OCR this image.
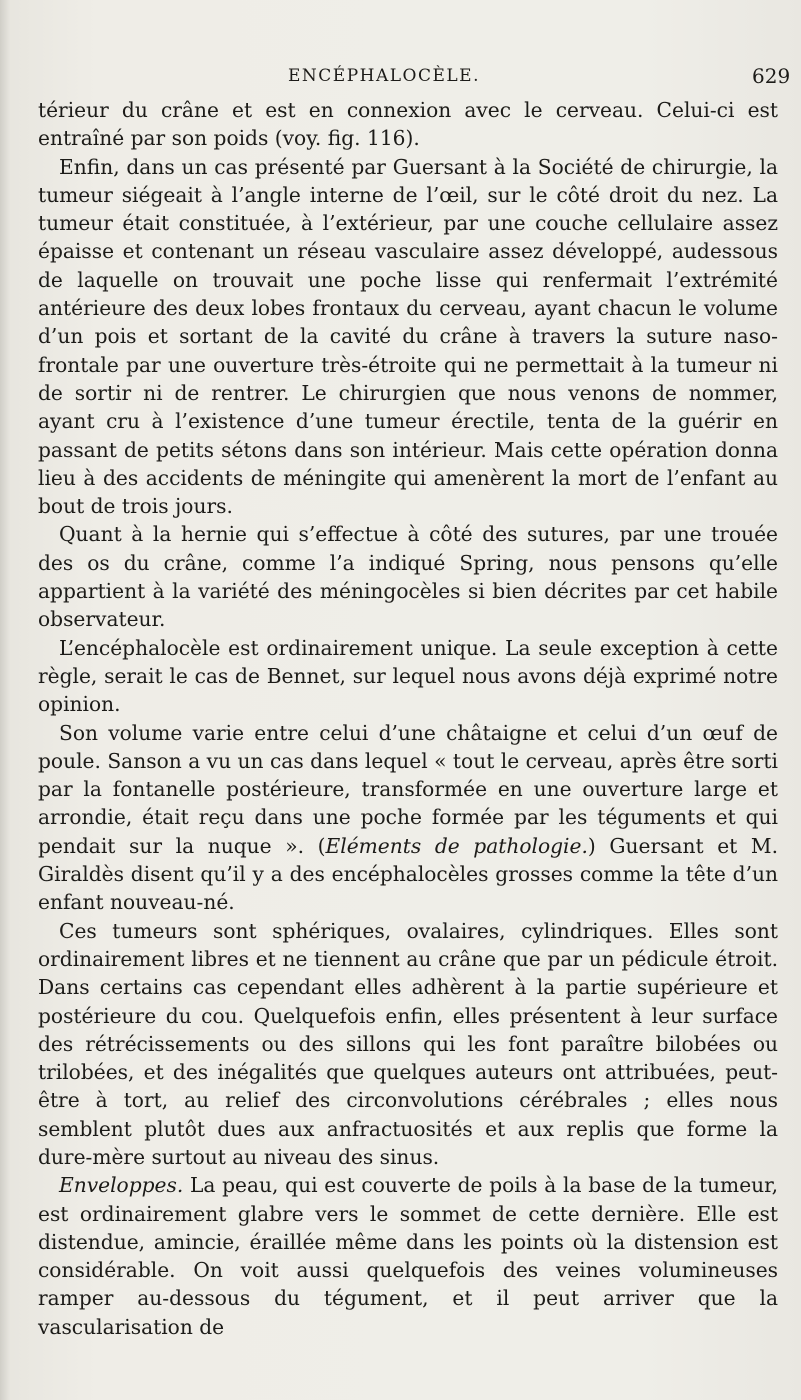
ENCÉPHALOCÈLE.	629

térieur du crâne et est en connexion avec le cerveau. Celui-ci est entraîné par son poids (voy. fig. 116).

Enfin, dans un cas présenté par Guersant à la Société de chirurgie, la tumeur siégeait à l’angle interne de l’œil, sur le côté droit du nez. La tumeur était constituée, à l’extérieur, par une couche cellulaire assez épaisse et contenant un réseau vasculaire assez développé, audessous de laquelle on trouvait une poche lisse qui renfermait l’extrémité antérieure des deux lobes frontaux du cerveau, ayant chacun le volume d’un pois et sortant de la cavité du crâne à travers la suture naso-frontale par une ouverture très-étroite qui ne permettait à la tumeur ni de sortir ni de rentrer. Le chirurgien que nous venons de nommer, ayant cru à l’existence d’une tumeur érectile, tenta de la guérir en passant de petits sétons dans son intérieur. Mais cette opération donna lieu à des accidents de méningite qui amenèrent la mort de l’enfant au bout de trois jours.

Quant à la hernie qui s’effectue à côté des sutures, par une trouée des os du crâne, comme l’a indiqué Spring, nous pensons qu’elle appartient à la variété des méningocèles si bien décrites par cet habile observateur.

L’encéphalocèle est ordinairement unique. La seule exception à cette règle, serait le cas de Bennet, sur lequel nous avons déjà exprimé notre opinion.

Son volume varie entre celui d’une châtaigne et celui d’un œuf de poule. Sanson a vu un cas dans lequel « tout le cerveau, après être sorti par la fontanelle postérieure, transformée en une ouverture large et arrondie, était reçu dans une poche formée par les téguments et qui pendait sur la nuque ». (Eléments de pathologie.) Guersant et M. Giraldès disent qu’il y a des encéphalocèles grosses comme la tête d’un enfant nouveau-né.

Ces tumeurs sont sphériques, ovalaires, cylindriques. Elles sont ordinairement libres et ne tiennent au crâne que par un pédicule étroit. Dans certains cas cependant elles adhèrent à la partie supérieure et postérieure du cou. Quelquefois enfin, elles présentent à leur surface des rétrécissements ou des sillons qui les font paraître bilobées ou trilobées, et des inégalités que quelques auteurs ont attribuées, peut-être à tort, au relief des circonvolutions cérébrales ; elles nous semblent plutôt dues aux anfractuosités et aux replis que forme la dure-mère surtout au niveau des sinus.

Enveloppes. La peau, qui est couverte de poils à la base de la tumeur, est ordinairement glabre vers le sommet de cette dernière. Elle est distendue, amincie, éraillée même dans les points où la distension est considérable. On voit aussi quelquefois des veines volumineuses ramper au-dessous du tégument, et il peut arriver que la vascularisation de
